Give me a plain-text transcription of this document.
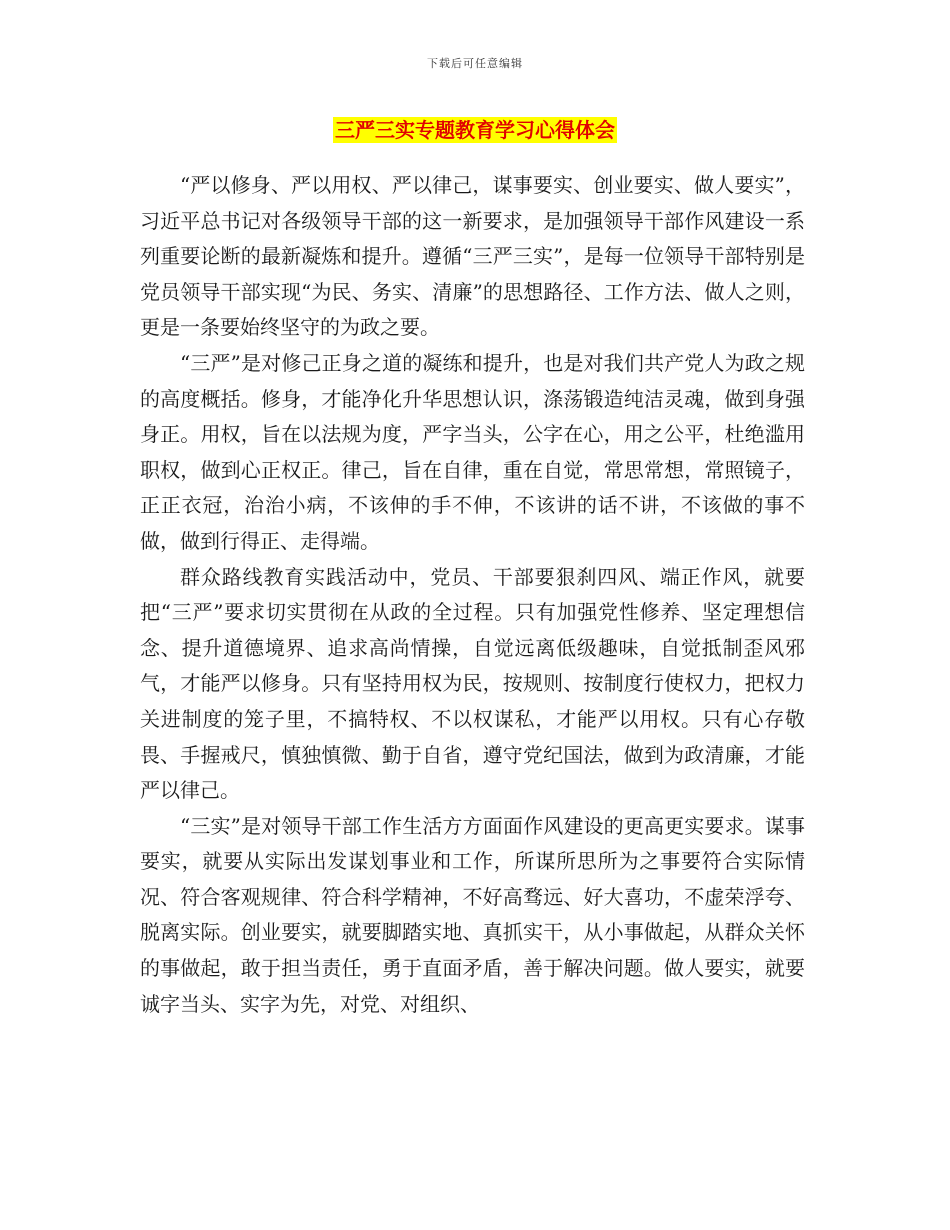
下载后可任意编辑
三严三实专题教育学习心得体会

“严以修身、严以用权、严以律己，谋事要实、创业要实、做人要实”，习近平总书记对各级领导干部的这一新要求，是加强领导干部作风建设一系列重要论断的最新凝炼和提升。遵循“三严三实”，是每一位领导干部特别是党员领导干部实现“为民、务实、清廉”的思想路径、工作方法、做人之则，更是一条要始终坚守的为政之要。

“三严”是对修己正身之道的凝练和提升，也是对我们共产党人为政之规的高度概括。修身，才能净化升华思想认识，涤荡锻造纯洁灵魂，做到身强身正。用权，旨在以法规为度，严字当头，公字在心，用之公平，杜绝滥用职权，做到心正权正。律己，旨在自律，重在自觉，常思常想，常照镜子，正正衣冠，治治小病，不该伸的手不伸，不该讲的话不讲，不该做的事不做，做到行得正、走得端。

群众路线教育实践活动中，党员、干部要狠刹四风、端正作风，就要把“三严”要求切实贯彻在从政的全过程。只有加强党性修养、坚定理想信念、提升道德境界、追求高尚情操，自觉远离低级趣味，自觉抵制歪风邪气，才能严以修身。只有坚持用权为民，按规则、按制度行使权力，把权力关进制度的笼子里，不搞特权、不以权谋私，才能严以用权。只有心存敬畏、手握戒尺，慎独慎微、勤于自省，遵守党纪国法，做到为政清廉，才能严以律己。

“三实”是对领导干部工作生活方方面面作风建设的更高更实要求。谋事要实，就要从实际出发谋划事业和工作，所谋所思所为之事要符合实际情况、符合客观规律、符合科学精神，不好高骛远、好大喜功，不虚荣浮夸、脱离实际。创业要实，就要脚踏实地、真抓实干，从小事做起，从群众关怀的事做起，敢于担当责任，勇于直面矛盾，善于解决问题。做人要实，就要诚字当头、实字为先，对党、对组织、
